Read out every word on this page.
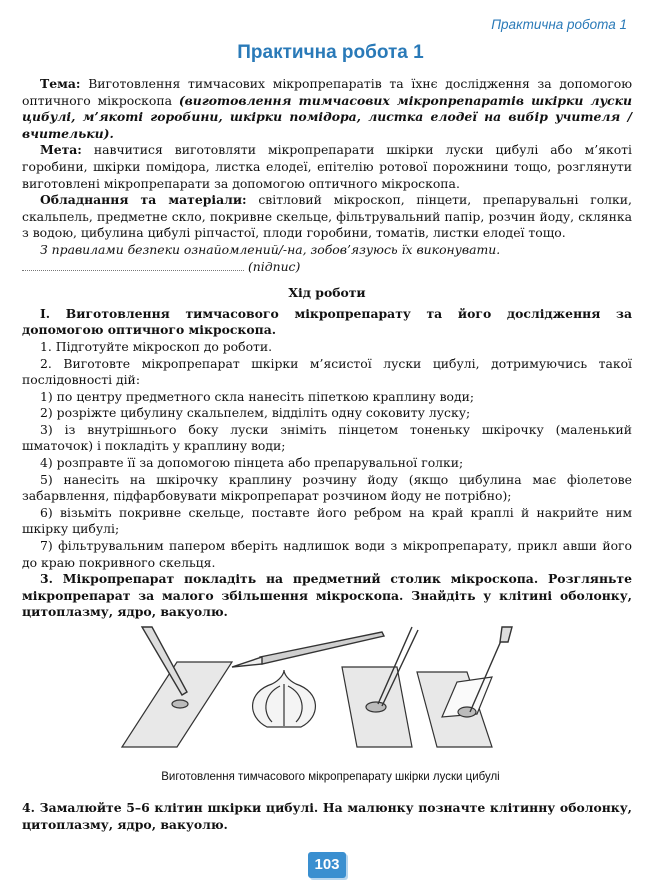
Практична робота 1
Практична робота 1

Тема: Виготовлення тимчасових мікропрепаратів та їхнє дослідження за допомогою оптичного мікроскопа (виготовлення тимчасових мікропрепаратів шкірки луски цибулі, м’якоті горобини, шкірки помідора, листка елодеї на вибір учителя / вчительки).

Мета: навчитися виготовляти мікропрепарати шкірки луски цибулі або м’якоті горобини, шкірки помідора, листка елодеї, епітелію ротової порожнини тощо, розглянути виготовлені мікропрепарати за допомогою оптичного мікроскопа.

Обладнання та матеріали: світловий мікроскоп, пінцети, препарувальні голки, скальпель, предметне скло, покривне скельце, фільтрувальний папір, розчин йоду, склянка з водою, цибулина цибулі ріпчастої, плоди горобини, томатів, листки елодеї тощо.

З правилами безпеки ознайомлений/-на, зобов’язуюсь їх виконувати.

(підпис)

Хід роботи

I. Виготовлення тимчасового мікропрепарату та його дослідження за допомогою оптичного мікроскопа.

1. Підготуйте мікроскоп до роботи.

2. Виготовте мікропрепарат шкірки м’ясистої луски цибулі, дотримуючись такої послідовності дій:

1) по центру предметного скла нанесіть піпеткою краплину води;

2) розріжте цибулину скальпелем, відділіть одну соковиту луску;

3) із внутрішнього боку луски зніміть пінцетом тоненьку шкірочку (маленький шматочок) і покладіть у краплину води;

4) розправте її за допомогою пінцета або препарувальної голки;

5) нанесіть на шкірочку краплину розчину йоду (якщо цибулина має фіолетове забарвлення, підфарбовувати мікропрепарат розчином йоду не потрібно);

6) візьміть покривне скельце, поставте його ребром на край краплі й накрийте ним шкірку цибулі;

7) фільтрувальним папером вберіть надлишок води з мікропрепарату, прикл авши його до краю покривного скельця.

3. Мікропрепарат покладіть на предметний столик мікроскопа. Розгляньте мікропрепарат за малого збільшення мікроскопа. Знайдіть у клітині оболонку, цитоплазму, ядро, вакуолю.

Виготовлення тимчасового мікропрепарату шкірки луски цибулі
4. Замалюйте 5–6 клітин шкірки цибулі. На малюнку позначте клітинну оболонку, цитоплазму, ядро, вакуолю.
103
